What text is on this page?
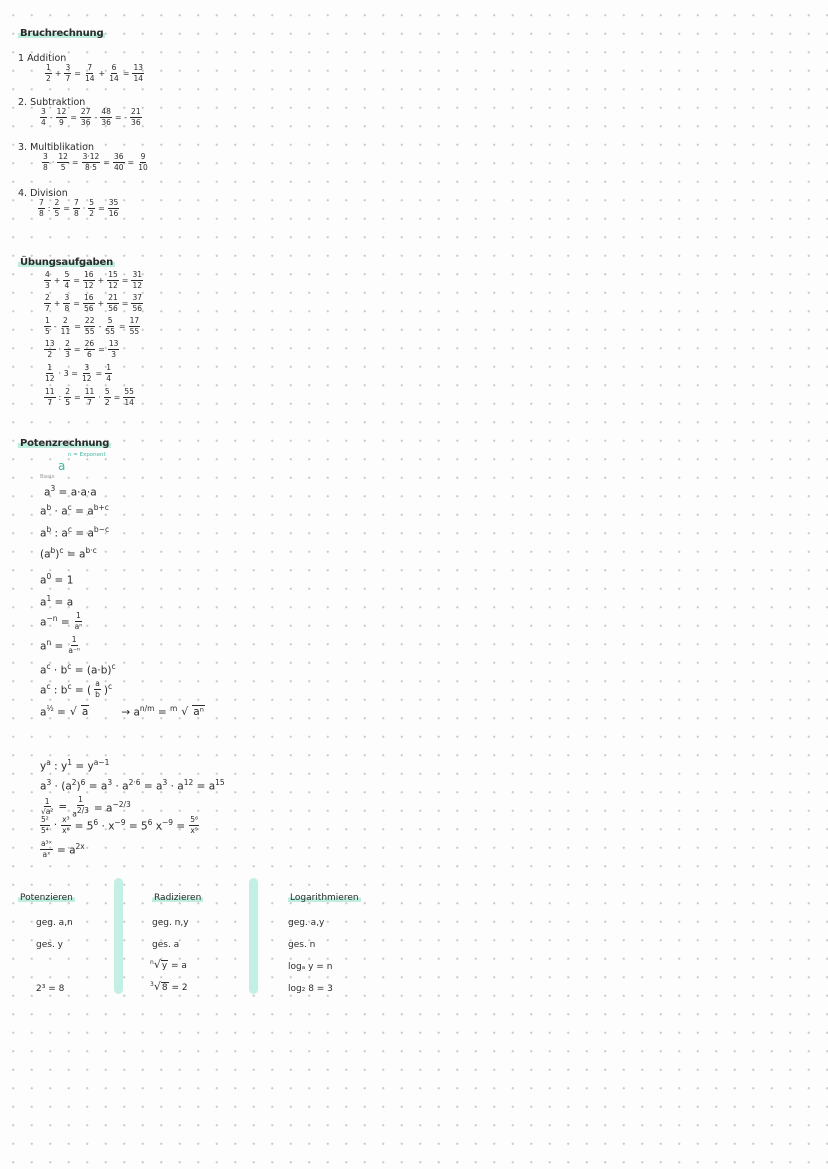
Bruchrechnung
1 Addition
1
2
+ $\frac{3}{7} = \frac{7}{14} + \frac{6}{14} = \frac{13}{14}$
2. Subtraktion
3
4
- $\frac{12}{9} = \frac{27}{36} - \frac{48}{36}$ = -
21
36
3. Multiblikation
3
8
· $\frac{12}{5} = \frac{3\cdot 12}{8\cdot 5} = \frac{36}{40} = \frac{9}{10}$
4. Division
7
8
: $\frac{2}{5} = \frac{7}{8} \cdot \frac{5}{2} = \frac{35}{16}$
Übungsaufgaben
4
3
+ $\frac{5}{4} = \frac{16}{12} + \frac{15}{12} = \frac{31}{12}$
2
7
+ $\frac{3}{8} = \frac{16}{56} + \frac{21}{56} = \frac{37}{56}$
1
5
- $\frac{2}{11} = \frac{22}{55} - \frac{5}{55} = \frac{17}{55}$
13
2
· $\frac{2}{3} = \frac{26}{6} = \frac{13}{3}$
1
12
· $3 = \frac{3}{12} = \frac{1}{4}$
11
7
: $\frac{2}{5} = \frac{11}{7} \cdot \frac{5}{2} = \frac{55}{14}$
Potenzrechnung
n = Exponent
a
Basis
$a^3 = a\cdot a\cdot a$
$a^b \cdot a^c = a^{b+c}$
$a^b$ : $a^c = a^{b-c}$
$(a^b)^c = a^{b\cdot c}$
$a^0 = 1$
$a^1 = a$
$a^{-n} = \frac{1}{\text{aⁿ}}$
$a^n = \frac{1}{\text{a⁻ⁿ}}$
$a^c \cdot b^c = (a\cdot b)^c$
$a^c$ : $b^c$ = (
a
b )$^c$
$a^{\frac{1}{2}}$ = √ a	→ $a^{n/m} = ^m$ √ aⁿ
$y^a$ : $y^1 = y^{a-1}$
$a^3 \cdot (a^2)^6 = a^3 \cdot a^{2\cdot 6} = a^3 \cdot a^{12} = a^{15}$
$\frac{1}{\text{√a²}} = \frac{1}{a^{2/3}} = a^{-2/3}$
5²
$5^4 \cdot \frac{\text{x³}}{\text{x⁶}} = 5^6 \cdot x^{-9} = 5^6$ $x^{-9} = \frac{\text{5⁶}}{\text{x⁹}}$
$\frac{\text{a³ˣ}}{\text{aˣ}} = a^{2x}$
Potenzieren
geg. a,n
ges. y
2³ = 8
Radizieren
geg. n,y
ges. a
$^n$√y = a
$^3$√8 = 2
Logarithmieren
geg. a,y
ges. n
logₐ y = n
log₂ 8 = 3
